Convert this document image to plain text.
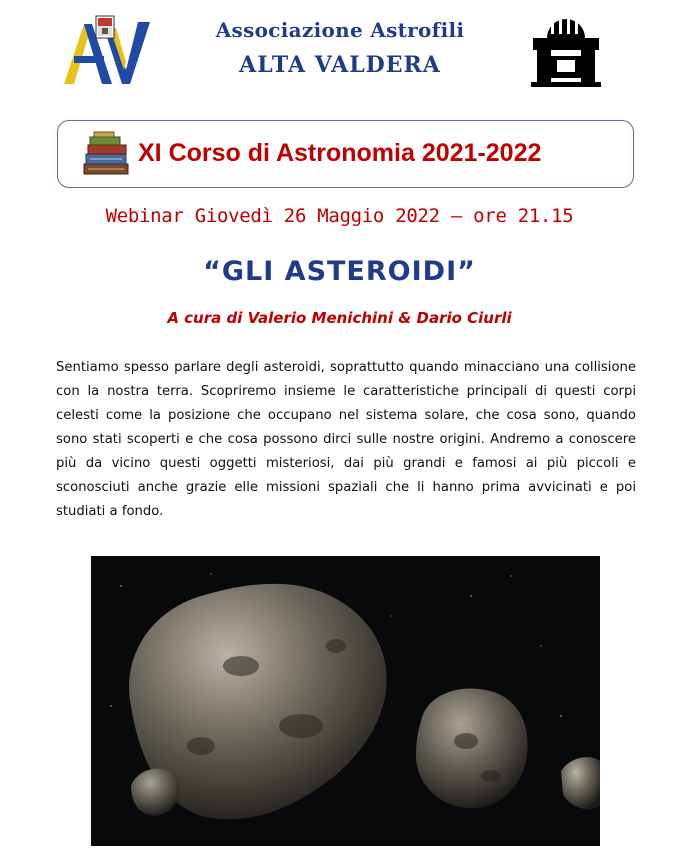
Associazione Astrofili
ALTA VALDERA
XI Corso di Astronomia 2021-2022
Webinar Giovedì 26 Maggio 2022 – ore 21.15
“GLI ASTEROIDI”
A cura di Valerio Menichini & Dario Ciurli

Sentiamo spesso parlare degli asteroidi, soprattutto quando minacciano una collisione con la nostra terra. Scopriremo insieme le caratteristiche principali di questi corpi celesti come la posizione che occupano nel sistema solare, che cosa sono, quando sono stati scoperti e che cosa possono dirci sulle nostre origini. Andremo a conoscere più da vicino questi oggetti misteriosi, dai più grandi e famosi ai più piccoli e sconosciuti anche grazie elle missioni spaziali che li hanno prima avvicinati e poi studiati a fondo.
